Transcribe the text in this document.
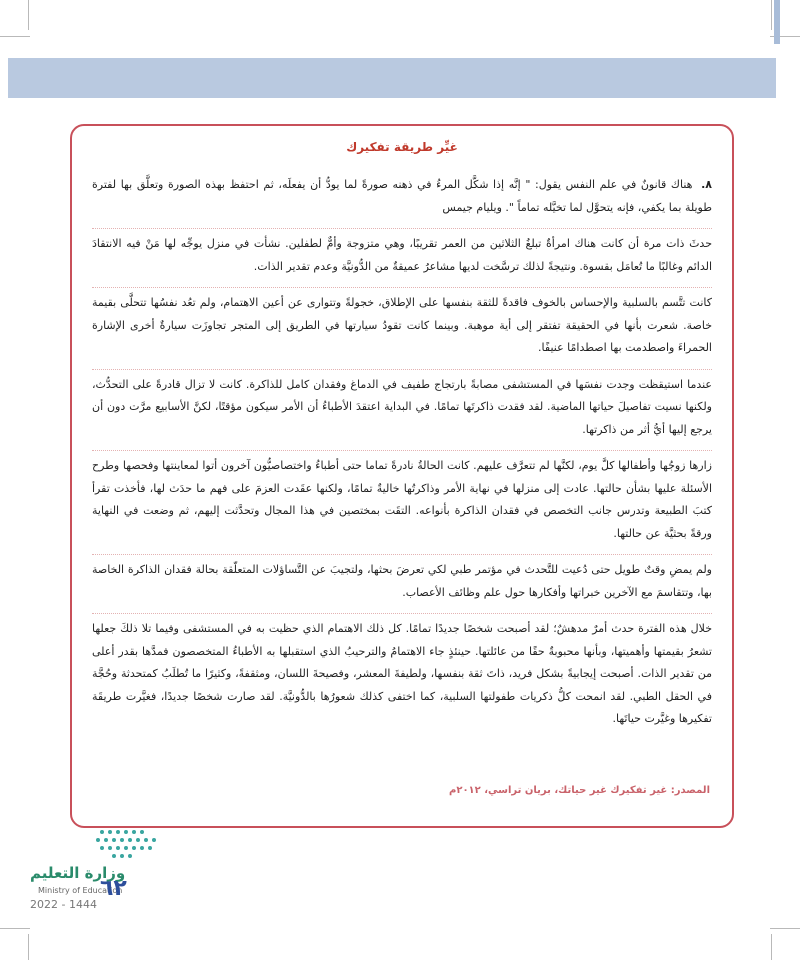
غيِّر طريقة تفكيرك

٨. هناك قانونٌ في علم النفس يقول: " إنَّه إذا شكَّل المرءُ في ذهنه صورةً لما يودُّ أن يفعلَه، ثم احتفظ بهذه الصورة وتعلَّق بها لفترة طويلة بما يكفي، فإنه يتحوَّل لما تخيَّله تماماً ". ويليام جيمس

حدثَ ذات مرة أن كانت هناك امرأةٌ تبلغُ الثلاثين من العمر تقريبًا، وهي متزوجة وأمٌّ لطفلين. نشأت في منزل يوجِّه لها مَنْ فيه الانتقادَ الدائم وغالبًا ما تُعامَل بقسوة. ونتيجةً لذلك ترسَّخت لديها مشاعرُ عميقةٌ من الدُّونيَّة وعدم تقدير الذات.

كانت تتَّسم بالسلبية والإحساس بالخوف فاقدةً للثقة بنفسها على الإطلاق، خجولةً وتتوارى عن أعين الاهتمام، ولم تعُد نفسُها تتحلَّى بقيمة خاصة. شعرت بأنها في الحقيقة تفتقر إلى أية موهبة. وبينما كانت تقودُ سيارتها في الطريق إلى المتجر تجاوزَت سيارةٌ أخرى الإشارة الحمراءَ واصطدمت بها اصطدامًا عنيفًا.

عندما استيقظت وجدت نفسَها في المستشفى مصابةً بارتجاج طفيف في الدماغ وفقدان كامل للذاكرة. كانت لا تزال قادرةً على التحدُّث، ولكنها نسيت تفاصيلَ حياتها الماضية. لقد فقدت ذاكرتَها تمامًا. في البداية اعتقدَ الأطباءُ أن الأمر سيكون مؤقتًا، لكنَّ الأسابيع مرَّت دون أن يرجع إليها أيُّ أثر من ذاكرتها.

زارها زوجُها وأطفالها كلَّ يوم، لكنَّها لم تتعرَّف عليهم. كانت الحالةُ نادرةً تماما حتى أطباءُ واختصاصيُّون آخرون أتوا لمعاينتها وفحصها وطرح الأسئلة عليها بشأن حالتها. عادت إلى منزلها في نهاية الأمر وذاكرتُها خاليةٌ تمامًا، ولكنها عقَدت العزمَ على فهم ما حدَث لها، فأخذت تقرأ كتبَ الطبيعة وتدرس جانب التخصص في فقدان الذاكرة بأنواعه. التقَت بمختصين في هذا المجال وتحدَّثت إليهم، ثم وضعت في النهاية ورقةً بحثيَّة عن حالتها.

ولم يمضِ وقتٌ طويل حتى دُعيت للتَّحدث في مؤتمر طبي لكي تعرضَ بحثها، ولتجيبَ عن التَّساؤلات المتعلّقة بحالة فقدان الذاكرة الخاصة بها، وتتقاسمَ مع الآخرين خبراتها وأفكارها حول علم وظائف الأعصاب.

خلال هذه الفترة حدث أمرٌ مدهشٌ؛ لقد أصبحت شخصًا جديدًا تمامًا. كل ذلك الاهتمام الذي حظيت به في المستشفى وفيما تلا ذلكَ جعلها تشعرُ بقيمتها وأهميتها، وبأنها محبوبةٌ حقًا من عائلتها. حينئذٍ جاء الاهتمامُ والترحيبُ الذي استقبلها به الأطباءُ المتخصصون فمدَّها بقدر أعلى من تقدير الذات. أصبحت إيجابيةً بشكل فريد، ذاتَ ثقة بنفسها، ولطيفةَ المعشر، وفصيحةَ اللسان، ومثقفةً، وكثيرًا ما تُطلَبُ كمتحدثة وحُجَّة في الحقل الطبي. لقد انمحت كلُّ ذكريات طفولتها السلبية، كما اختفى كذلك شعورُها بالدُّونيَّة. لقد صارت شخصًا جديدًا، فغيَّرت طريقَة تفكيرها وغيَّرت حياتَها.

المصدر: غير تفكيرك غير حياتك، بريان تراسي، ٢٠١٢م
وزارة التعليم
Ministry of Education
٦٢
2022 - 1444
